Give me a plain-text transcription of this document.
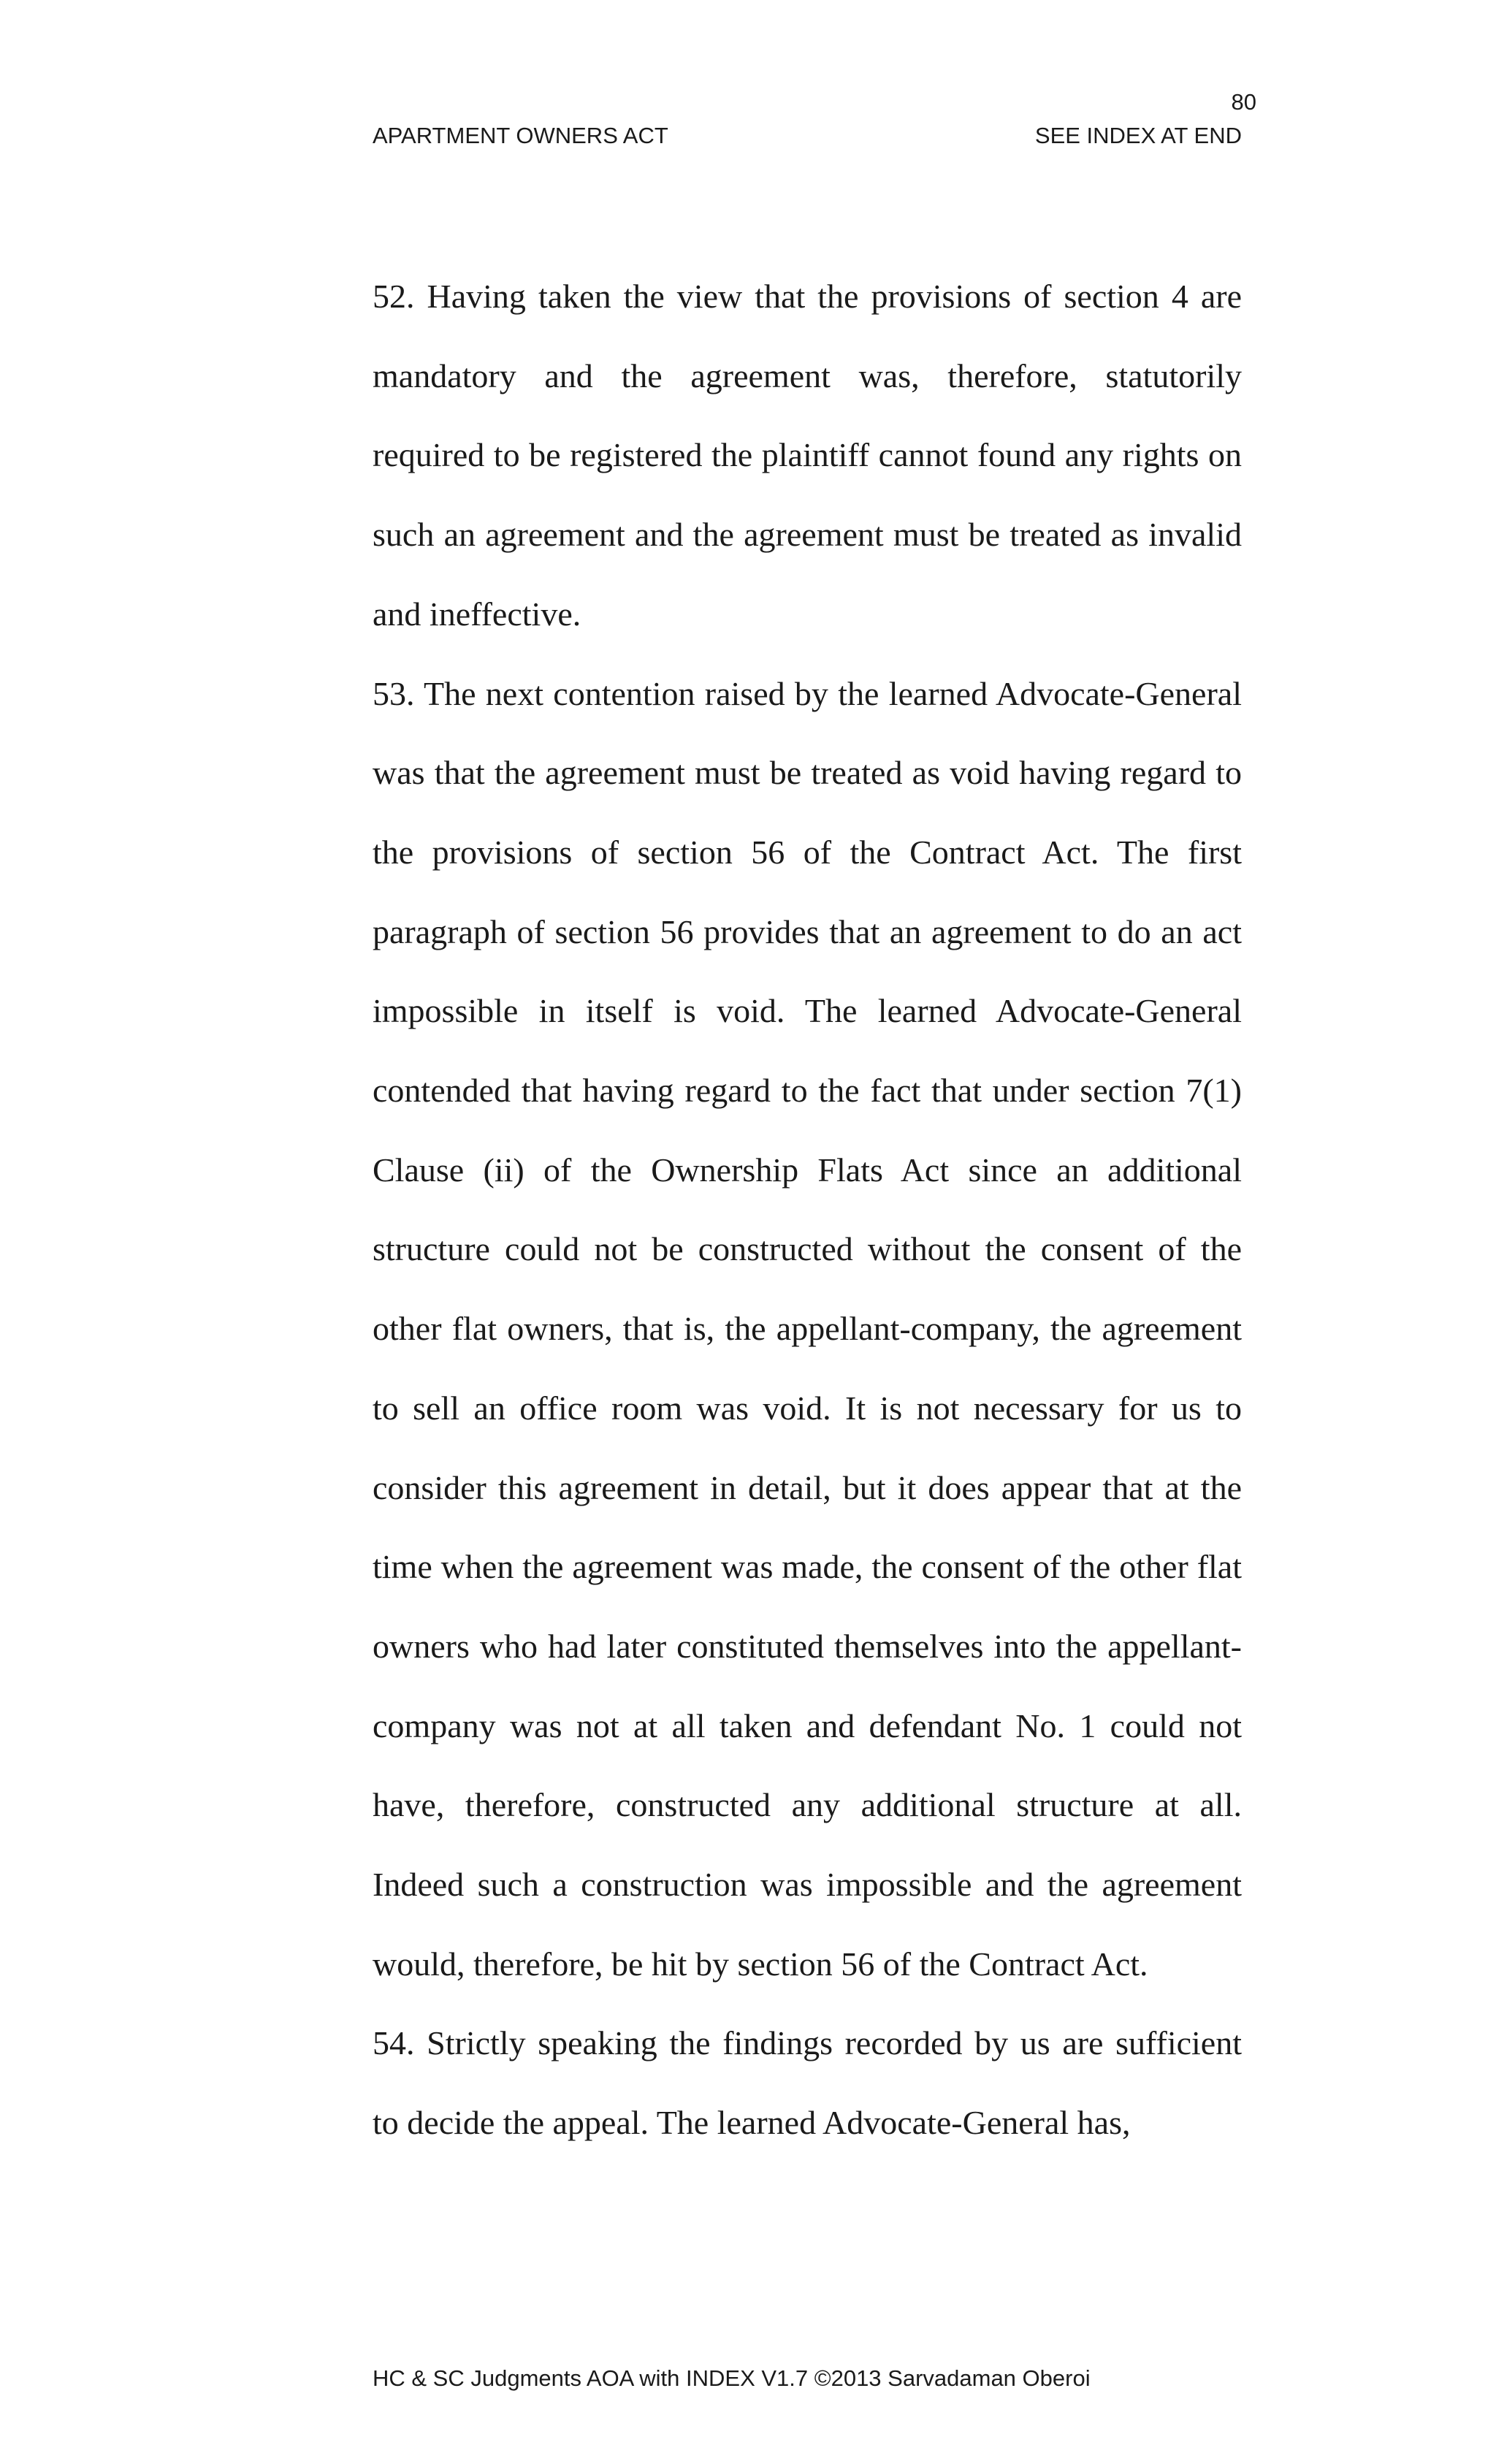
80
APARTMENT OWNERS ACT	SEE INDEX AT END

52. Having taken the view that the provisions of section 4 are mandatory and the agreement was, therefore, statutorily required to be registered the plaintiff cannot found any rights on such an agreement and the agreement must be treated as invalid and ineffective.

53. The next contention raised by the learned Advocate-General was that the agreement must be treated as void having regard to the provisions of section 56 of the Contract Act. The first paragraph of section 56 provides that an agreement to do an act impossible in itself is void. The learned Advocate-General contended that having regard to the fact that under section 7(1) Clause (ii) of the Ownership Flats Act since an additional structure could not be constructed without the consent of the other flat owners, that is, the appellant-company, the agreement to sell an office room was void. It is not necessary for us to consider this agreement in detail, but it does appear that at the time when the agreement was made, the consent of the other flat owners who had later constituted themselves into the appellant-company was not at all taken and defendant No. 1 could not have, therefore, constructed any additional structure at all. Indeed such a construction was impossible and the agreement would, therefore, be hit by section 56 of the Contract Act.

54. Strictly speaking the findings recorded by us are sufficient to decide the appeal. The learned Advocate-General has,

HC & SC Judgments AOA with INDEX V1.7 ©2013 Sarvadaman Oberoi
